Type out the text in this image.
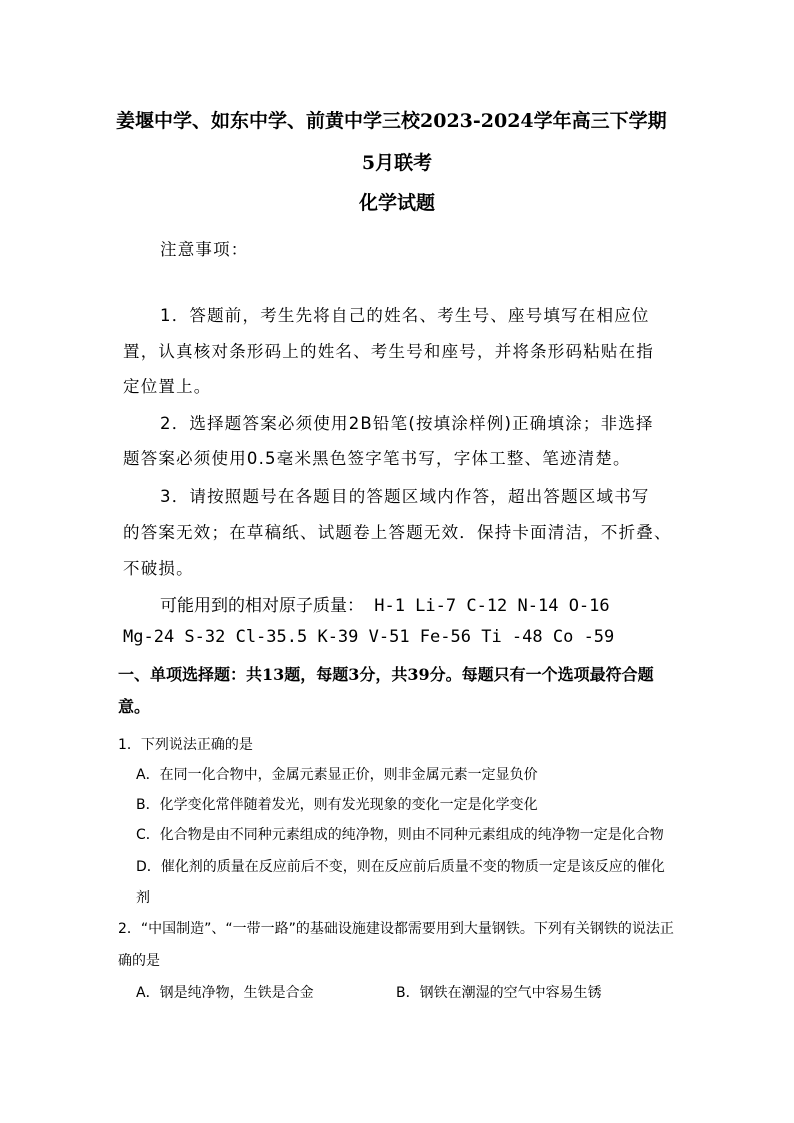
姜堰中学、如东中学、前黄中学三校2023-2024学年高三下学期
5月联考
化学试题
注意事项：
1．答题前，考生先将自己的姓名、考生号、座号填写在相应位
置，认真核对条形码上的姓名、考生号和座号，并将条形码粘贴在指
定位置上。
2．选择题答案必须使用2B铅笔(按填涂样例)正确填涂；非选择
题答案必须使用0.5毫米黑色签字笔书写，字体工整、笔迹清楚。
3．请按照题号在各题目的答题区域内作答，超出答题区域书写
的答案无效；在草稿纸、试题卷上答题无效．保持卡面清洁，不折叠、
不破损。
可能用到的相对原子质量： H-1 Li-7 C-12 N-14 O-16
Mg-24 S-32 Cl-35.5 K-39 V-51 Fe-56 Ti -48 Co -59
一、单项选择题：共13题，每题3分，共39分。每题只有一个选项最符合题
意。
1．下列说法正确的是
A．在同一化合物中，金属元素显正价，则非金属元素一定显负价
B．化学变化常伴随着发光，则有发光现象的变化一定是化学变化
C．化合物是由不同种元素组成的纯净物，则由不同种元素组成的纯净物一定是化合物
D．催化剂的质量在反应前后不变，则在反应前后质量不变的物质一定是该反应的催化
剂
2．“中国制造”、“一带一路”的基础设施建设都需要用到大量钢铁。下列有关钢铁的说法正
确的是
A．钢是纯净物，生铁是合金	B．钢铁在潮湿的空气中容易生锈
